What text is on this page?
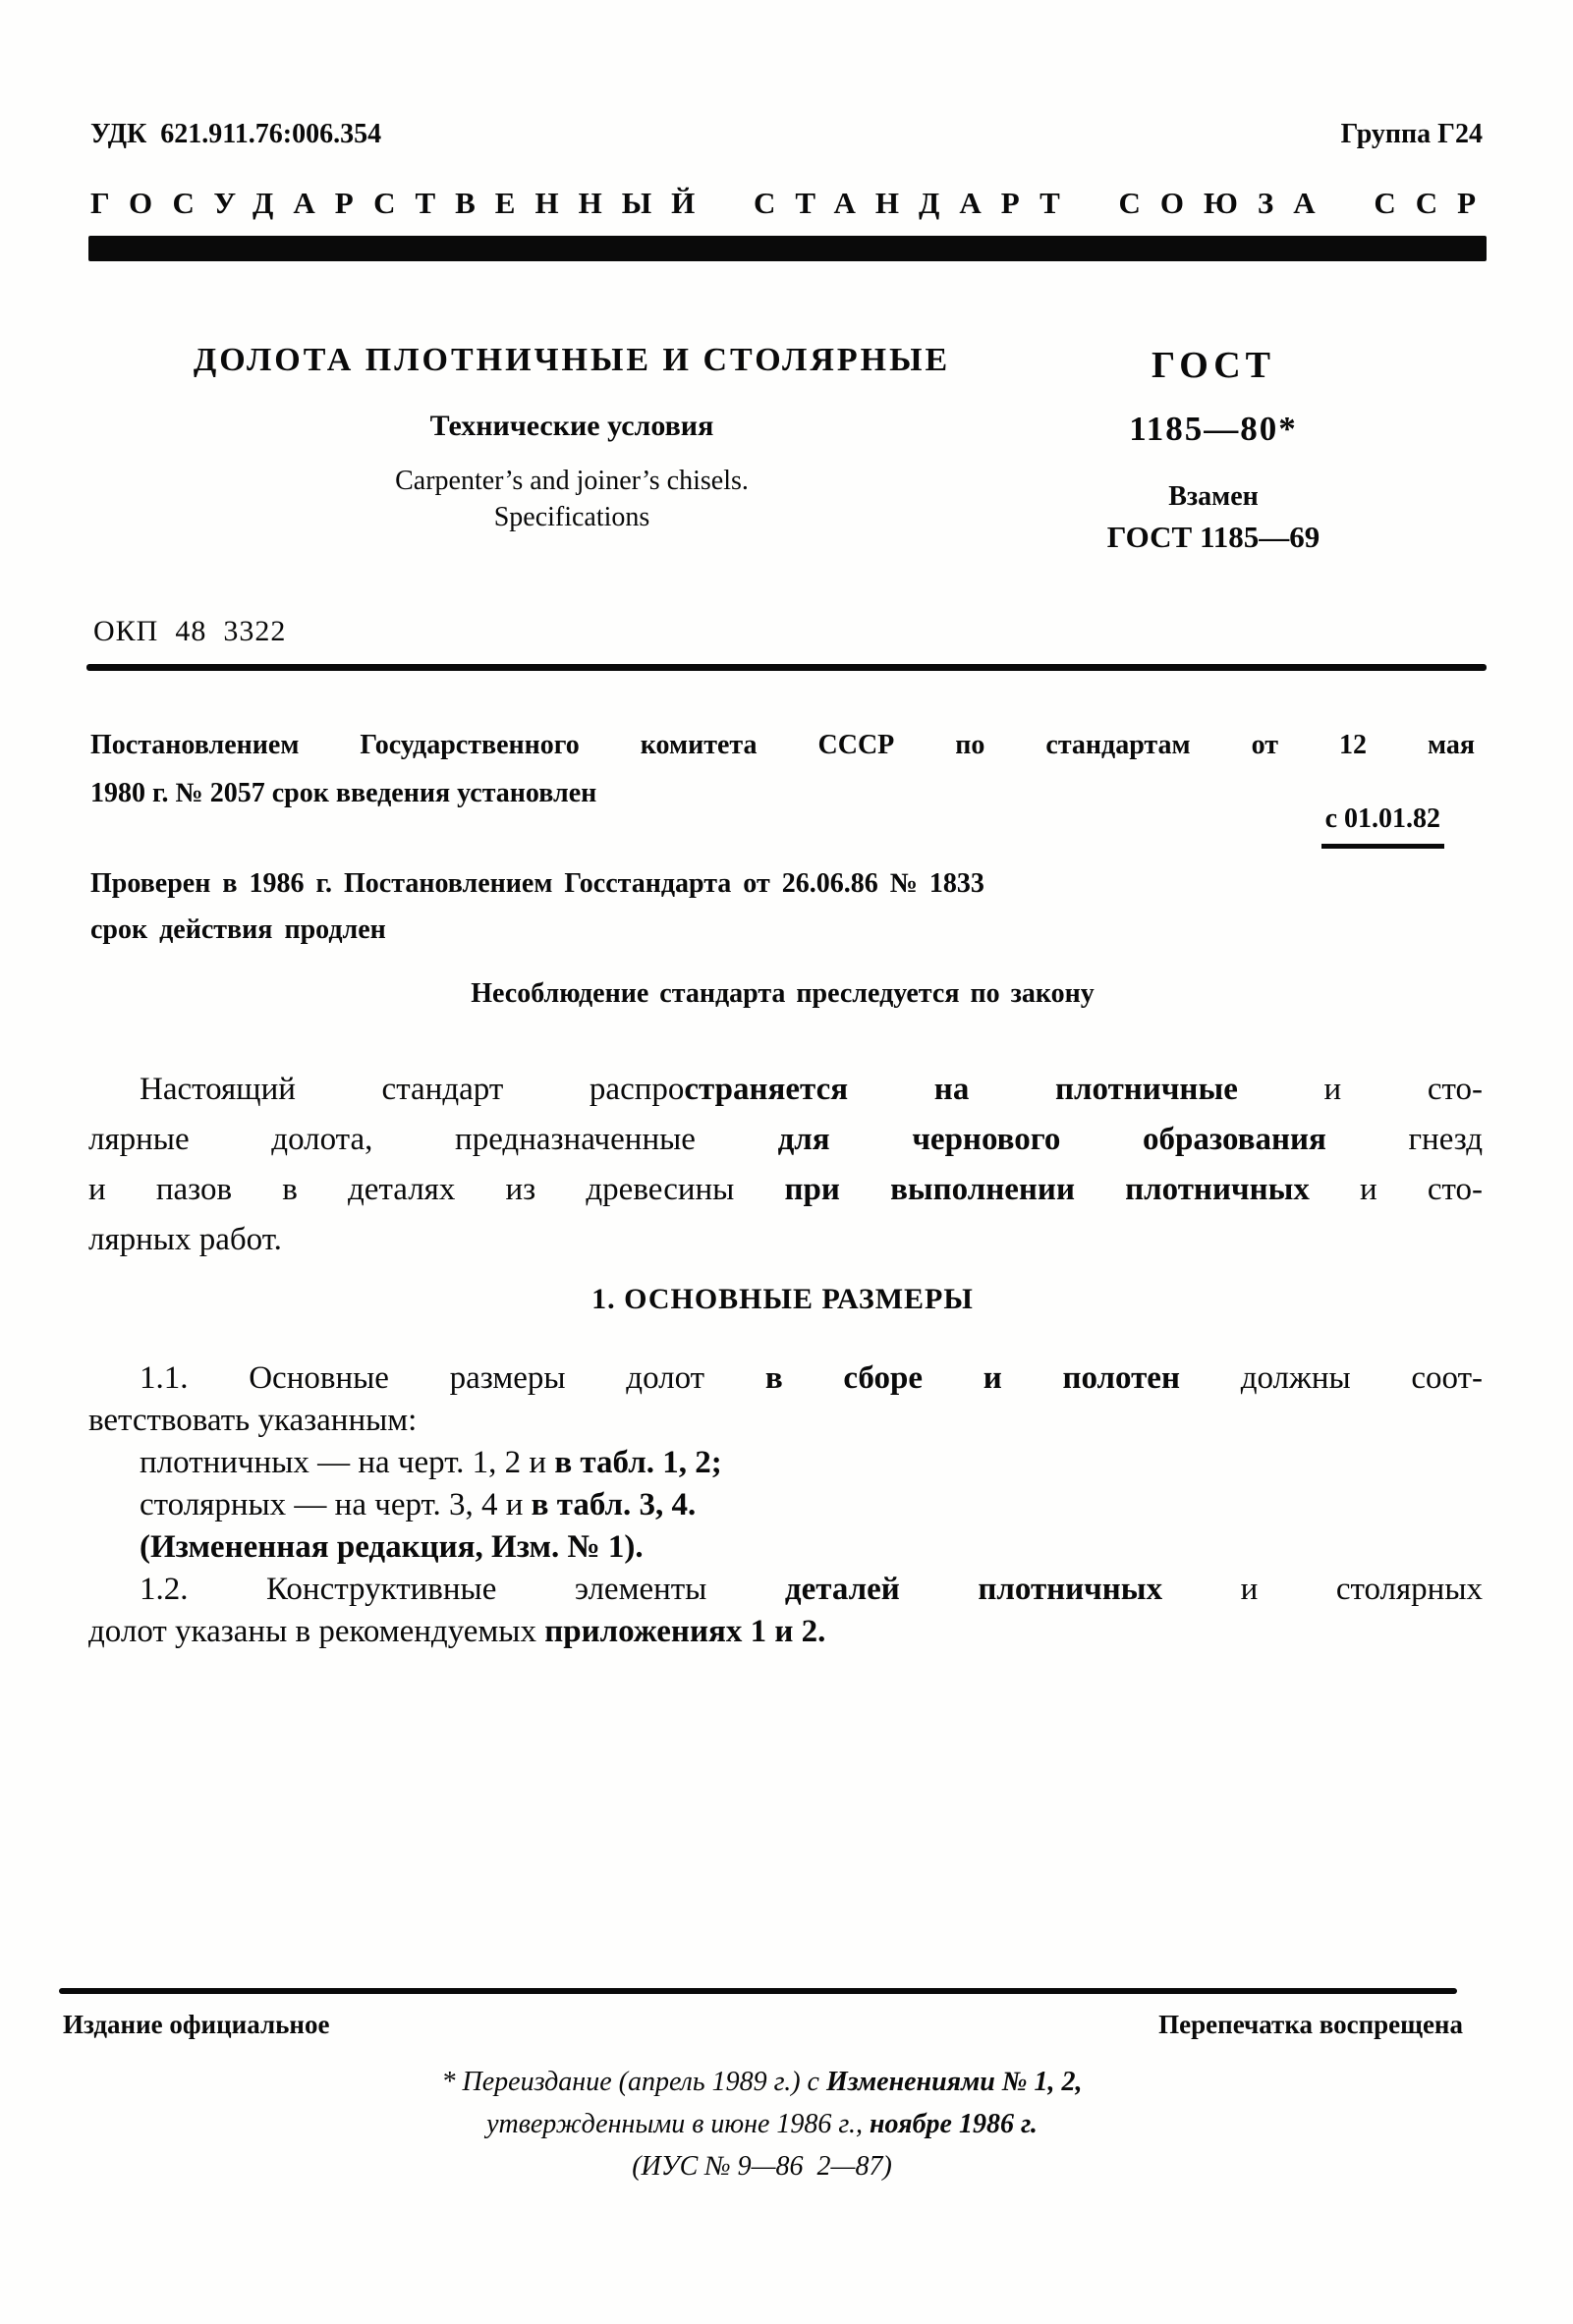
УДК  621.911.76:006.354	Группа Г24
ГОСУДАРСТВЕННЫЙ СТАНДАРТ СОЮЗА ССР
ДОЛОТА ПЛОТНИЧНЫЕ И СТОЛЯРНЫЕ
Технические условия
Carpenter’s and joiner’s chisels.
Specifications
ГОСТ
1185—80*
Взамен
ГОСТ 1185—69
ОКП  48  3322
Постановлением Государственного комитета СССР по стандартам от 12 мая
1980 г. № 2057 срок введения установлен
с 01.01.82
Проверен в 1986 г. Постановлением Госстандарта от 26.06.86 № 1833
срок действия продлен
Несоблюдение стандарта преследуется по закону
Настоящий стандарт распространяется на плотничные и сто-
лярные долота, предназначенные для чернового образования гнезд
и пазов в деталях из древесины при выполнении плотничных и сто-
лярных работ.
1. ОСНОВНЫЕ РАЗМЕРЫ
1.1. Основные размеры долот в сборе и полотен должны соот-
ветствовать указанным:
плотничных — на черт. 1, 2 и в табл. 1, 2;
столярных — на черт. 3, 4 и в табл. 3, 4.
(Измененная редакция, Изм. № 1).
1.2. Конструктивные элементы деталей плотничных и столярных
долот указаны в рекомендуемых приложениях 1 и 2.
Издание официальное	Перепечатка воспрещена
* Переиздание (апрель 1989 г.) с Изменениями № 1, 2,
утвержденными в июне 1986 г., ноябре 1986 г.
(ИУС № 9—86  2—87)
